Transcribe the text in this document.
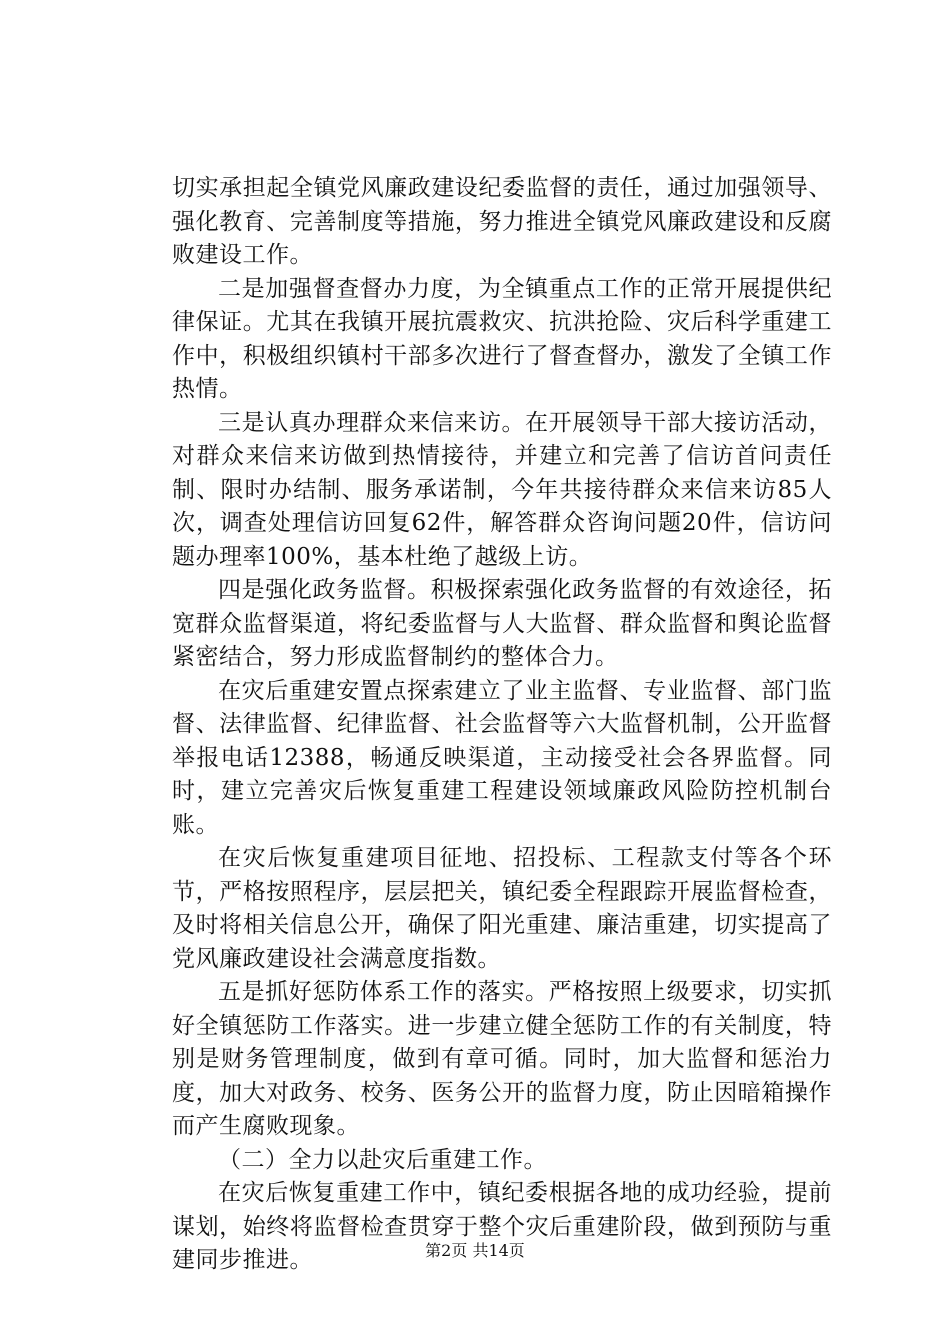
切实承担起全镇党风廉政建设纪委监督的责任，通过加强领导、强化教育、完善制度等措施，努力推进全镇党风廉政建设和反腐败建设工作。

二是加强督查督办力度，为全镇重点工作的正常开展提供纪律保证。尤其在我镇开展抗震救灾、抗洪抢险、灾后科学重建工作中，积极组织镇村干部多次进行了督查督办，激发了全镇工作热情。

三是认真办理群众来信来访。在开展领导干部大接访活动，对群众来信来访做到热情接待，并建立和完善了信访首问责任制、限时办结制、服务承诺制，今年共接待群众来信来访85人次，调查处理信访回复62件，解答群众咨询问题20件，信访问题办理率100%，基本杜绝了越级上访。

四是强化政务监督。积极探索强化政务监督的有效途径，拓宽群众监督渠道，将纪委监督与人大监督、群众监督和舆论监督紧密结合，努力形成监督制约的整体合力。

在灾后重建安置点探索建立了业主监督、专业监督、部门监督、法律监督、纪律监督、社会监督等六大监督机制，公开监督举报电话12388，畅通反映渠道，主动接受社会各界监督。同时，建立完善灾后恢复重建工程建设领域廉政风险防控机制台账。

在灾后恢复重建项目征地、招投标、工程款支付等各个环节，严格按照程序，层层把关，镇纪委全程跟踪开展监督检查，及时将相关信息公开，确保了阳光重建、廉洁重建，切实提高了党风廉政建设社会满意度指数。

五是抓好惩防体系工作的落实。严格按照上级要求，切实抓好全镇惩防工作落实。进一步建立健全惩防工作的有关制度，特别是财务管理制度，做到有章可循。同时，加大监督和惩治力度，加大对政务、校务、医务公开的监督力度，防止因暗箱操作而产生腐败现象。

（二）全力以赴灾后重建工作。

在灾后恢复重建工作中，镇纪委根据各地的成功经验，提前谋划，始终将监督检查贯穿于整个灾后重建阶段，做到预防与重建同步推进。	第2页 共14页
